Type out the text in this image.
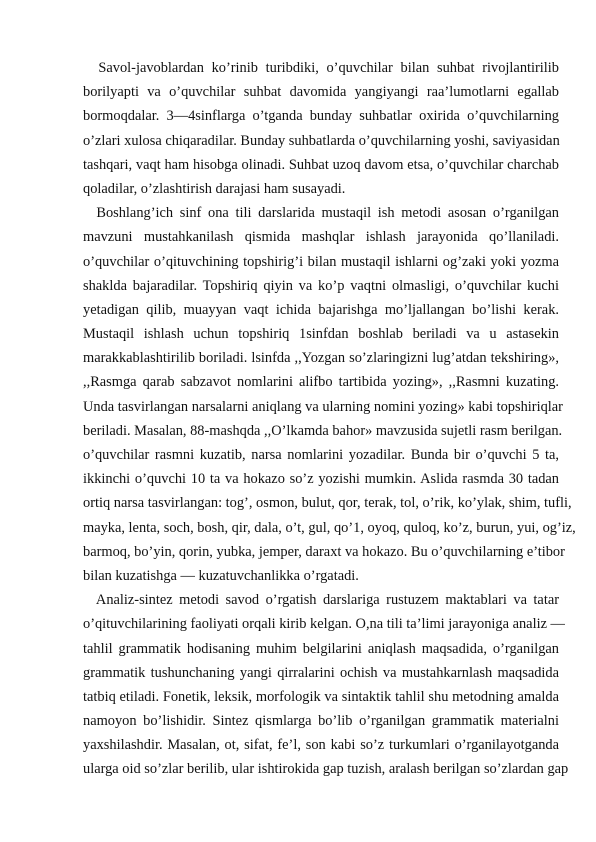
Savol-javoblardan ko’rinib turibdiki, o’quvchilar bilan suhbat rivojlantirilib
borilyapti va o’quvchilar suhbat davomida yangiyangi raa’lumotlarni egallab
bormoqdalar. 3—4sinflarga o’tganda bunday suhbatlar oxirida o’quvchilarning
o’zlari xulosa chiqaradilar. Bunday suhbatlarda o’quvchilarning yoshi, saviyasidan
tashqari, vaqt ham hisobga olinadi. Suhbat uzoq davom etsa, o’quvchilar charchab
qoladilar, o’zlashtirish darajasi ham susayadi.
Boshlang’ich sinf ona tili darslarida mustaqil ish metodi asosan o’rganilgan
mavzuni mustahkanilash qismida mashqlar ishlash jarayonida qo’llaniladi.
o’quvchilar o’qituvchining topshirig’i bilan mustaqil ishlarni og’zaki yoki yozma
shaklda bajaradilar. Topshiriq qiyin va ko’p vaqtni olmasligi, o’quvchilar kuchi
yetadigan qilib, muayyan vaqt ichida bajarishga mo’ljallangan bo’lishi kerak.
Mustaqil ishlash uchun topshiriq 1sinfdan boshlab beriladi va u astasekin
marakkablashtirilib boriladi. lsinfda ,,Yozgan so’zlaringizni lug’atdan tekshiring»,
,,Rasmga qarab sabzavot nomlarini alifbo tartibida yozing», ,,Rasmni kuzating.
Unda tasvirlangan narsalarni aniqlang va ularning nomini yozing» kabi topshiriqlar
beriladi. Masalan, 88-mashqda ,,O’lkamda bahor» mavzusida sujetli rasm berilgan.
o’quvchilar rasmni kuzatib, narsa nomlarini yozadilar. Bunda bir o’quvchi 5 ta,
ikkinchi o’quvchi 10 ta va hokazo so’z yozishi mumkin. Aslida rasmda 30 tadan
ortiq narsa tasvirlangan: tog’, osmon, bulut, qor, terak, tol, o’rik, ko’ylak, shim, tufli,
mayka, lenta, soch, bosh, qir, dala, o’t, gul, qo’1, oyoq, quloq, ko’z, burun, yui, og’iz,
barmoq, bo’yin, qorin, yubka, jemper, daraxt va hokazo. Bu o’quvchilarning e’tibor
bilan kuzatishga — kuzatuvchanlikka o’rgatadi.
Analiz-sintez metodi savod o’rgatish darslariga rustuzem maktablari va tatar
o’qituvchilarining faoliyati orqali kirib kelgan. O,na tili ta’limi jarayoniga analiz —
tahlil grammatik hodisaning muhim belgilarini aniqlash maqsadida, o’rganilgan
grammatik tushunchaning yangi qirralarini ochish va mustahkarnlash maqsadida
tatbiq etiladi. Fonetik, leksik, morfologik va sintaktik tahlil shu metodning amalda
namoyon bo’lishidir. Sintez qismlarga bo’lib o’rganilgan grammatik materialni
yaxshilashdir. Masalan, ot, sifat, fe’l, son kabi so’z turkumlari o’rganilayotganda
ularga oid so’zlar berilib, ular ishtirokida gap tuzish, aralash berilgan so’zlardan gap
